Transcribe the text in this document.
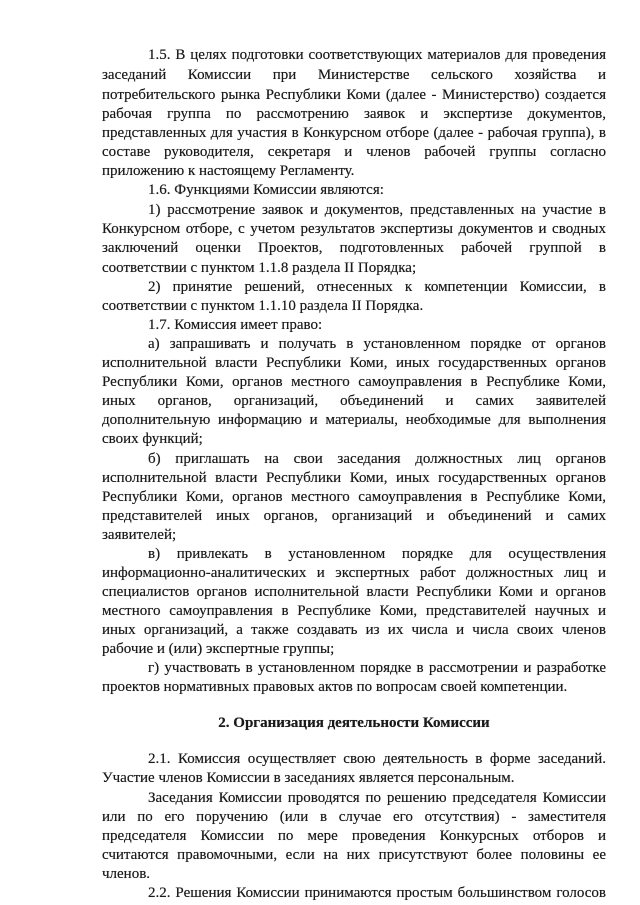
1.5. В целях подготовки соответствующих материалов для проведения

заседаний Комиссии при Министерстве сельского хозяйства и

потребительского рынка Республики Коми (далее - Министерство) создается

рабочая группа по рассмотрению заявок и экспертизе документов,

представленных для участия в Конкурсном отборе (далее - рабочая группа), в

составе руководителя, секретаря и членов рабочей группы согласно

приложению к настоящему Регламенту.

1.6. Функциями Комиссии являются:

1) рассмотрение заявок и документов, представленных на участие в

Конкурсном отборе, с учетом результатов экспертизы документов и сводных

заключений оценки Проектов, подготовленных рабочей группой в

соответствии с пунктом 1.1.8 раздела II Порядка;

2) принятие решений, отнесенных к компетенции Комиссии, в

соответствии с пунктом 1.1.10 раздела II Порядка.

1.7. Комиссия имеет право:

а) запрашивать и получать в установленном порядке от органов

исполнительной власти Республики Коми, иных государственных органов

Республики Коми, органов местного самоуправления в Республике Коми,

иных органов, организаций, объединений и самих заявителей

дополнительную информацию и материалы, необходимые для выполнения

своих функций;

б) приглашать на свои заседания должностных лиц органов

исполнительной власти Республики Коми, иных государственных органов

Республики Коми, органов местного самоуправления в Республике Коми,

представителей иных органов, организаций и объединений и самих

заявителей;

в) привлекать в установленном порядке для осуществления

информационно-аналитических и экспертных работ должностных лиц и

специалистов органов исполнительной власти Республики Коми и органов

местного самоуправления в Республике Коми, представителей научных и

иных организаций, а также создавать из их числа и числа своих членов

рабочие и (или) экспертные группы;

г) участвовать в установленном порядке в рассмотрении и разработке

проектов нормативных правовых актов по вопросам своей компетенции.

2. Организация деятельности Комиссии

2.1. Комиссия осуществляет свою деятельность в форме заседаний.

Участие членов Комиссии в заседаниях является персональным.

Заседания Комиссии проводятся по решению председателя Комиссии

или по его поручению (или в случае его отсутствия) - заместителя

председателя Комиссии по мере проведения Конкурсных отборов и

считаются правомочными, если на них присутствуют более половины ее

членов.

2.2. Решения Комиссии принимаются простым большинством голосов
